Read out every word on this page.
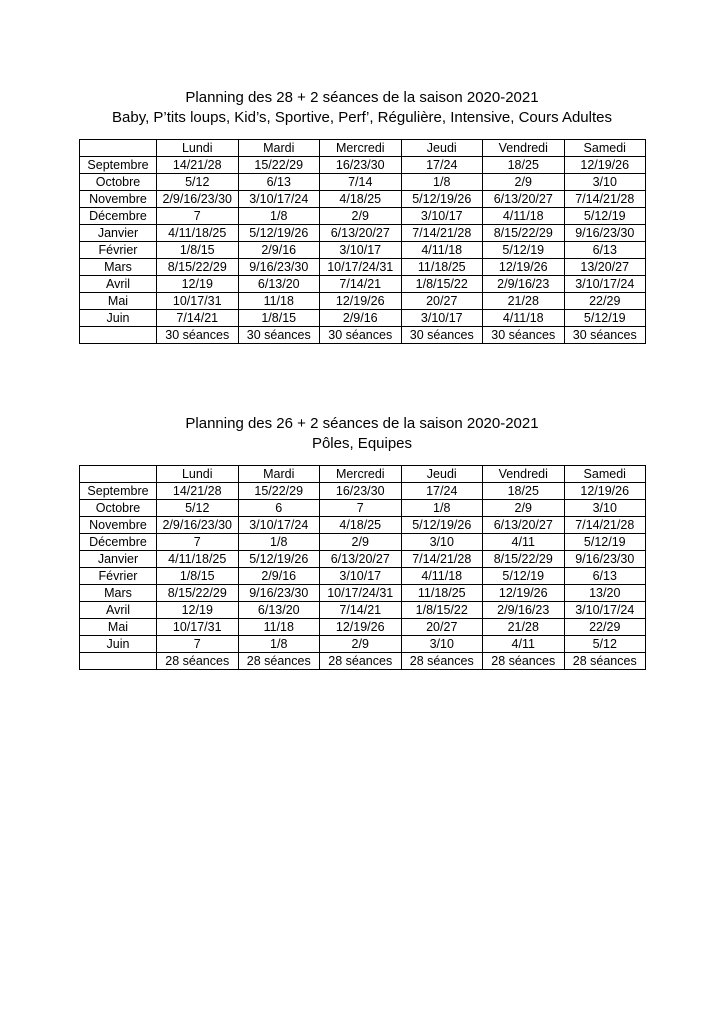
Planning des 28 + 2 séances de la saison 2020-2021

Baby, P’tits loups, Kid’s, Sportive, Perf’, Régulière, Intensive, Cours Adultes

	Lundi	Mardi	Mercredi	Jeudi	Vendredi	Samedi
Septembre	14/21/28	15/22/29	16/23/30	17/24	18/25	12/19/26
Octobre	5/12	6/13	7/14	1/8	2/9	3/10
Novembre	2/9/16/23/30	3/10/17/24	4/18/25	5/12/19/26	6/13/20/27	7/14/21/28
Décembre	7	1/8	2/9	3/10/17	4/11/18	5/12/19
Janvier	4/11/18/25	5/12/19/26	6/13/20/27	7/14/21/28	8/15/22/29	9/16/23/30
Février	1/8/15	2/9/16	3/10/17	4/11/18	5/12/19	6/13
Mars	8/15/22/29	9/16/23/30	10/17/24/31	11/18/25	12/19/26	13/20/27
Avril	12/19	6/13/20	7/14/21	1/8/15/22	2/9/16/23	3/10/17/24
Mai	10/17/31	11/18	12/19/26	20/27	21/28	22/29
Juin	7/14/21	1/8/15	2/9/16	3/10/17	4/11/18	5/12/19
	30 séances	30 séances	30 séances	30 séances	30 séances	30 séances

Planning des 26 + 2 séances de la saison 2020-2021

Pôles, Equipes

	Lundi	Mardi	Mercredi	Jeudi	Vendredi	Samedi
Septembre	14/21/28	15/22/29	16/23/30	17/24	18/25	12/19/26
Octobre	5/12	6	7	1/8	2/9	3/10
Novembre	2/9/16/23/30	3/10/17/24	4/18/25	5/12/19/26	6/13/20/27	7/14/21/28
Décembre	7	1/8	2/9	3/10	4/11	5/12/19
Janvier	4/11/18/25	5/12/19/26	6/13/20/27	7/14/21/28	8/15/22/29	9/16/23/30
Février	1/8/15	2/9/16	3/10/17	4/11/18	5/12/19	6/13
Mars	8/15/22/29	9/16/23/30	10/17/24/31	11/18/25	12/19/26	13/20
Avril	12/19	6/13/20	7/14/21	1/8/15/22	2/9/16/23	3/10/17/24
Mai	10/17/31	11/18	12/19/26	20/27	21/28	22/29
Juin	7	1/8	2/9	3/10	4/11	5/12
	28 séances	28 séances	28 séances	28 séances	28 séances	28 séances
